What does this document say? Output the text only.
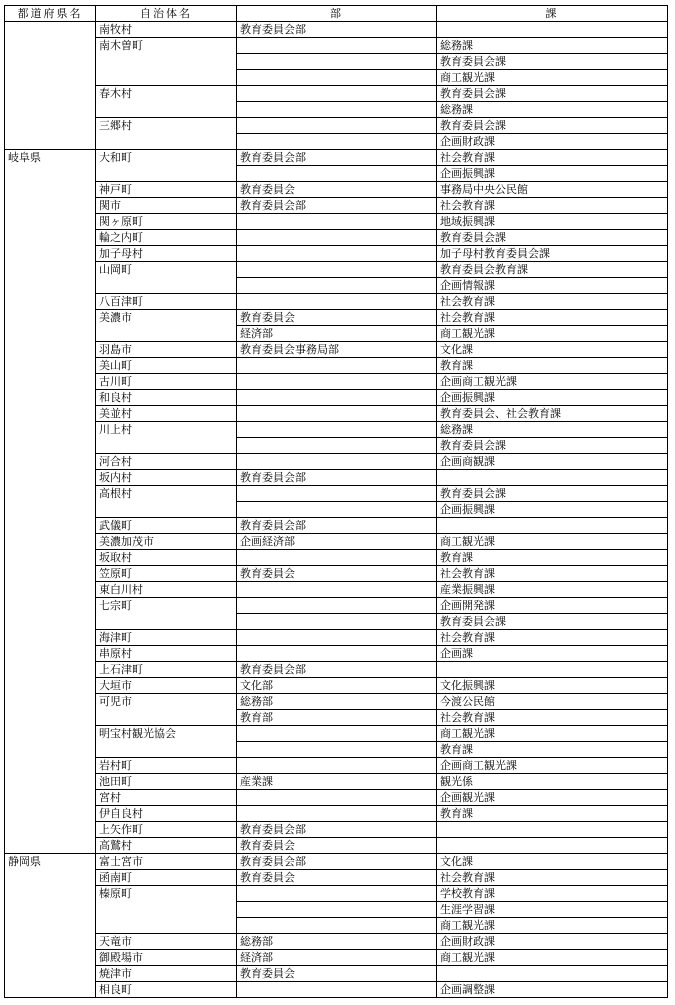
都道府県名	自治体名	部	課
	南牧村	教育委員会部	
	南木曽町		総務課
			教育委員会課
			商工観光課
	春木村		教育委員会課
			総務課
	三郷村		教育委員会課
			企画財政課
岐阜県	大和町	教育委員会部	社会教育課
			企画振興課
	神戸町	教育委員会	事務局中央公民館
	関市	教育委員会部	社会教育課
	関ヶ原町		地域振興課
	輪之内町		教育委員会課
	加子母村		加子母村教育委員会課
	山岡町		教育委員会教育課
			企画情報課
	八百津町		社会教育課
	美濃市	教育委員会	社会教育課
		経済部	商工観光課
	羽島市	教育委員会事務局部	文化課
	美山町		教育課
	古川町		企画商工観光課
	和良村		企画振興課
	美並村		教育委員会、社会教育課
	川上村		総務課
			教育委員会課
	河合村		企画商観課
	坂内村	教育委員会部	
	高根村		教育委員会課
			企画振興課
	武儀町	教育委員会部	
	美濃加茂市	企画経済部	商工観光課
	坂取村		教育課
	笠原町	教育委員会	社会教育課
	東白川村		産業振興課
	七宗町		企画開発課
			教育委員会課
	海津町		社会教育課
	串原村		企画課
	上石津町	教育委員会部	
	大垣市	文化部	文化振興課
	可児市	総務部	今渡公民館
		教育部	社会教育課
	明宝村観光協会		商工観光課
			教育課
	岩村町		企画商工観光課
	池田町	産業課	観光係
	宮村		企画観光課
	伊自良村		教育課
	上矢作町	教育委員会部	
	高鷲村	教育委員会	
静岡県	富士宮市	教育委員会部	文化課
	函南町	教育委員会	社会教育課
	榛原町		学校教育課
			生涯学習課
			商工観光課
	天竜市	総務部	企画財政課
	御殿場市	経済部	商工観光課
	焼津市	教育委員会	
	相良町		企画調整課
